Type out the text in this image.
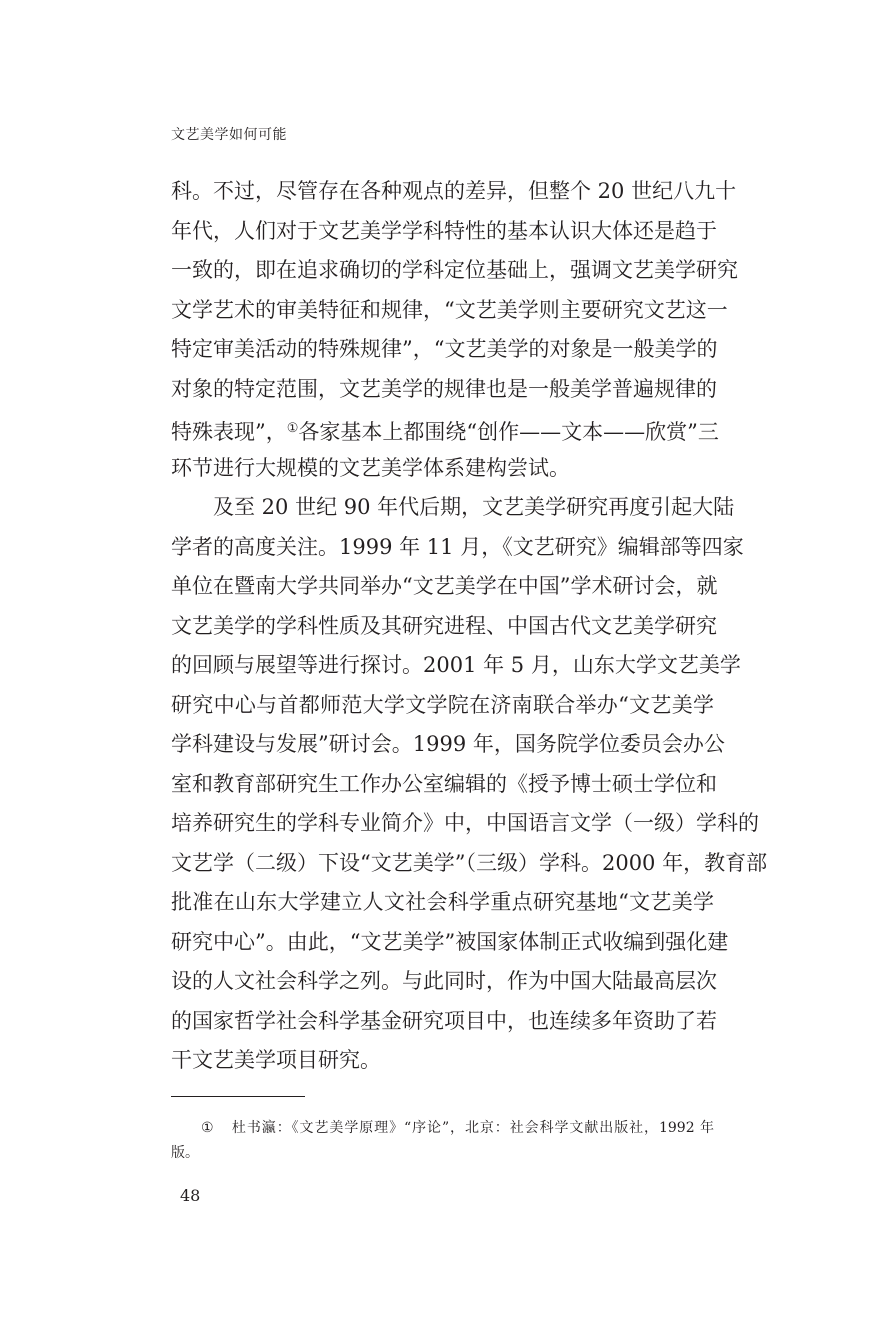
文艺美学如何可能
科。不过，尽管存在各种观点的差异，但整个 20 世纪八九十
年代，人们对于文艺美学学科特性的基本认识大体还是趋于
一致的，即在追求确切的学科定位基础上，强调文艺美学研究
文学艺术的审美特征和规律，“文艺美学则主要研究文艺这一
特定审美活动的特殊规律”，“文艺美学的对象是一般美学的
对象的特定范围，文艺美学的规律也是一般美学普遍规律的
特殊表现”，①各家基本上都围绕“创作——文本——欣赏”三
环节进行大规模的文艺美学体系建构尝试。
及至 20 世纪 90 年代后期，文艺美学研究再度引起大陆
学者的高度关注。1999 年 11 月，《文艺研究》编辑部等四家
单位在暨南大学共同举办“文艺美学在中国”学术研讨会，就
文艺美学的学科性质及其研究进程、中国古代文艺美学研究
的回顾与展望等进行探讨。2001 年 5 月，山东大学文艺美学
研究中心与首都师范大学文学院在济南联合举办“文艺美学
学科建设与发展”研讨会。1999 年，国务院学位委员会办公
室和教育部研究生工作办公室编辑的《授予博士硕士学位和
培养研究生的学科专业简介》中，中国语言文学（一级）学科的
文艺学（二级）下设“文艺美学”（三级）学科。2000 年，教育部
批准在山东大学建立人文社会科学重点研究基地“文艺美学
研究中心”。由此，“文艺美学”被国家体制正式收编到强化建
设的人文社会科学之列。与此同时，作为中国大陆最高层次
的国家哲学社会科学基金研究项目中，也连续多年资助了若
干文艺美学项目研究。
① 杜书瀛：《文艺美学原理》“序论”，北京：社会科学文献出版社，1992 年
版。
48
